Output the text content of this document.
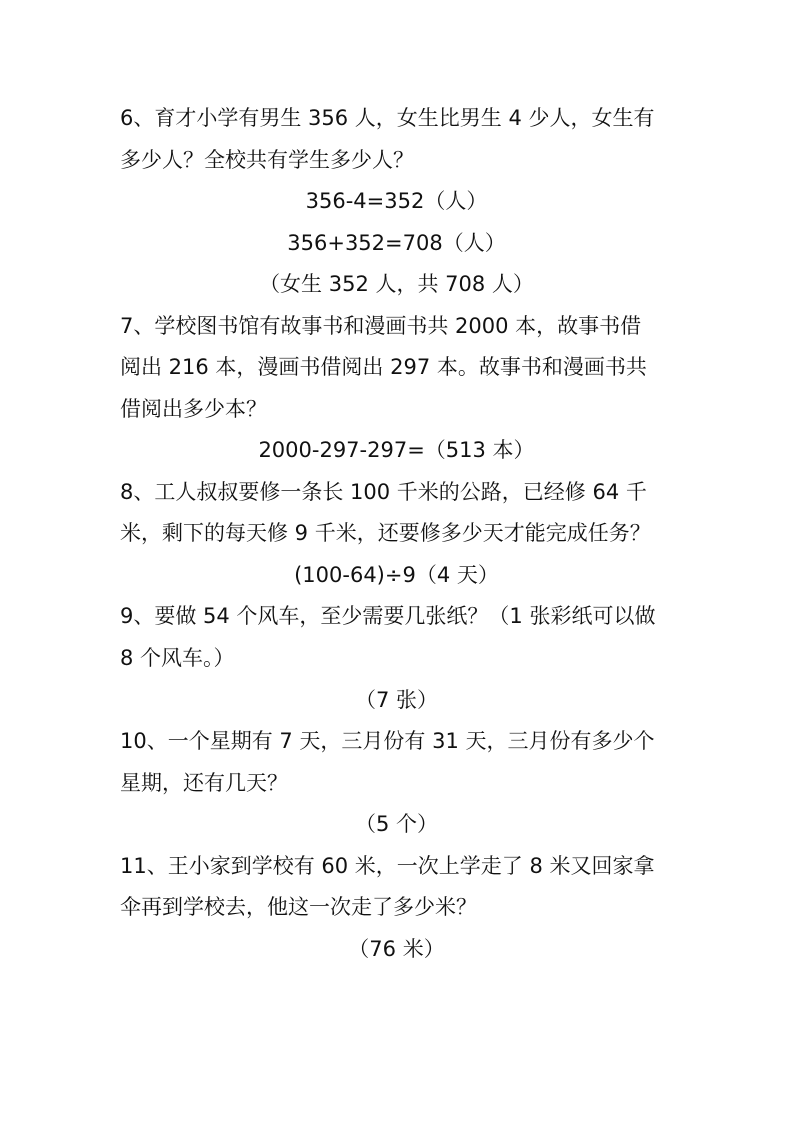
6、育才小学有男生 356 人，女生比男生 4 少人，女生有
多少人？全校共有学生多少人？
356-4=352（人）
356+352=708（人）
（女生 352 人，共 708 人）
7、学校图书馆有故事书和漫画书共 2000 本，故事书借
阅出 216 本，漫画书借阅出 297 本。故事书和漫画书共
借阅出多少本？
2000-297-297=（513 本）
8、工人叔叔要修一条长 100 千米的公路，已经修 64 千
米，剩下的每天修 9 千米，还要修多少天才能完成任务？
(100-64)÷9（4 天）
9、要做 54 个风车，至少需要几张纸？（1 张彩纸可以做
8 个风车。）
（7 张）
10、一个星期有 7 天，三月份有 31 天，三月份有多少个
星期，还有几天？
（5 个）
11、王小家到学校有 60 米，一次上学走了 8 米又回家拿
伞再到学校去，他这一次走了多少米？
（76 米）
